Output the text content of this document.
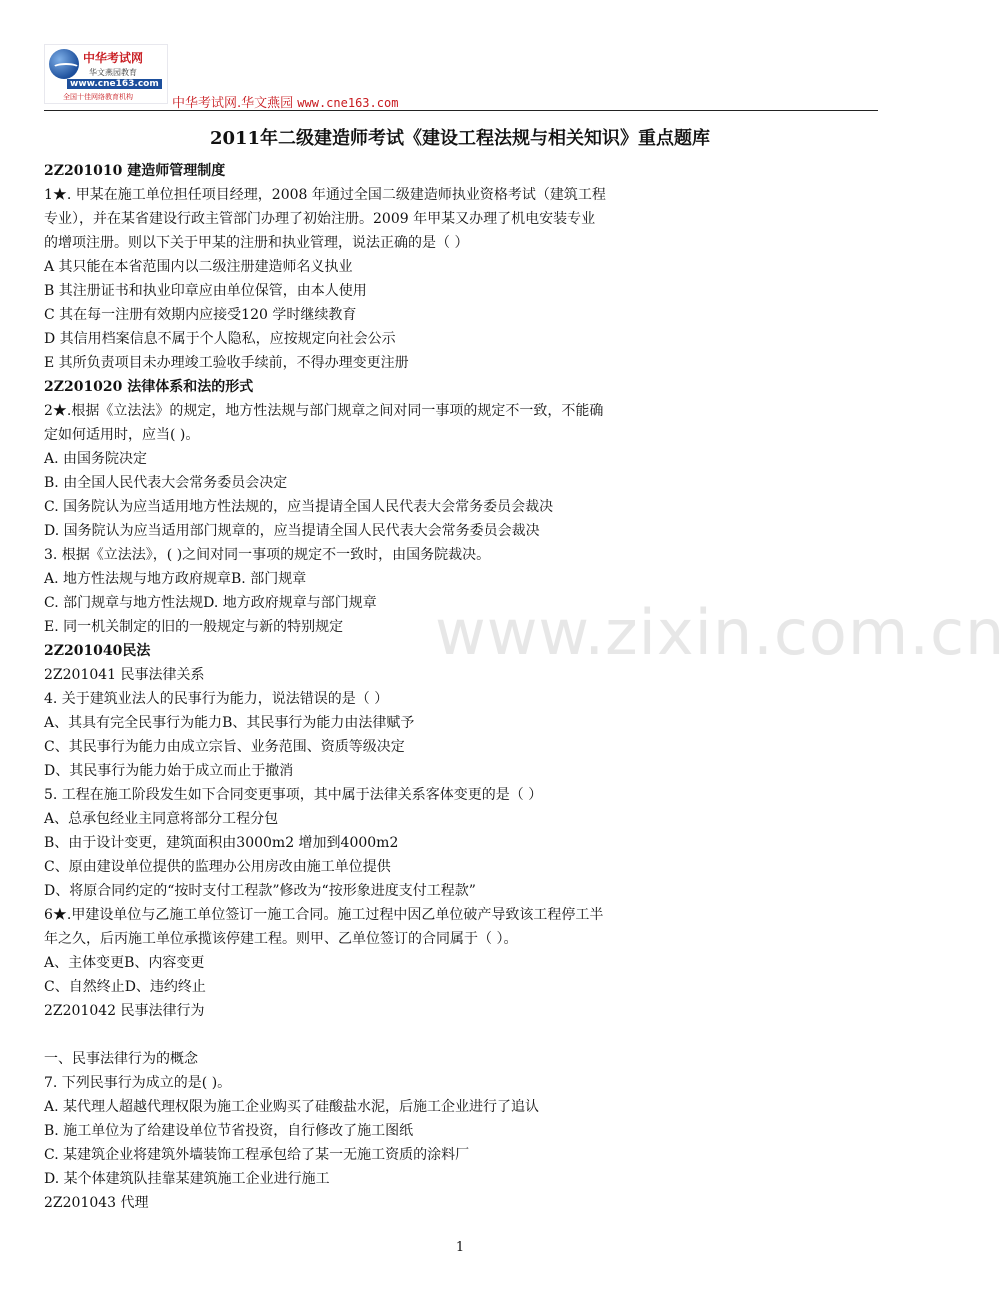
中华考试网
华文燕园教育
www.cne163.com
全国十佳网络教育机构	中华考试网.华文燕园 www.cne163.com
2011年二级建造师考试《建设工程法规与相关知识》重点题库
2Z201010 建造师管理制度
1★. 甲某在施工单位担任项目经理，2008 年通过全国二级建造师执业资格考试（建筑工程
专业），并在某省建设行政主管部门办理了初始注册。2009 年甲某又办理了机电安装专业
的增项注册。则以下关于甲某的注册和执业管理，说法正确的是（ ）
A 其只能在本省范围内以二级注册建造师名义执业
B 其注册证书和执业印章应由单位保管，由本人使用
C 其在每一注册有效期内应接受120 学时继续教育
D 其信用档案信息不属于个人隐私，应按规定向社会公示
E 其所负责项目未办理竣工验收手续前，不得办理变更注册
2Z201020 法律体系和法的形式
2★.根据《立法法》的规定，地方性法规与部门规章之间对同一事项的规定不一致，不能确
定如何适用时，应当( )。
A. 由国务院决定
B. 由全国人民代表大会常务委员会决定
C. 国务院认为应当适用地方性法规的，应当提请全国人民代表大会常务委员会裁决
D. 国务院认为应当适用部门规章的，应当提请全国人民代表大会常务委员会裁决
3. 根据《立法法》，( )之间对同一事项的规定不一致时，由国务院裁决。
A. 地方性法规与地方政府规章B. 部门规章
C. 部门规章与地方性法规D. 地方政府规章与部门规章
E. 同一机关制定的旧的一般规定与新的特别规定
2Z201040民法
2Z201041 民事法律关系
4. 关于建筑业法人的民事行为能力，说法错误的是（ ）
A、其具有完全民事行为能力B、其民事行为能力由法律赋予
C、其民事行为能力由成立宗旨、业务范围、资质等级决定
D、其民事行为能力始于成立而止于撤消
5. 工程在施工阶段发生如下合同变更事项，其中属于法律关系客体变更的是（ ）
A、总承包经业主同意将部分工程分包
B、由于设计变更，建筑面积由3000m2 增加到4000m2
C、原由建设单位提供的监理办公用房改由施工单位提供
D、将原合同约定的“按时支付工程款”修改为“按形象进度支付工程款”
6★.甲建设单位与乙施工单位签订一施工合同。施工过程中因乙单位破产导致该工程停工半
年之久，后丙施工单位承揽该停建工程。则甲、乙单位签订的合同属于（ ）。
A、主体变更B、内容变更
C、自然终止D、违约终止
2Z201042 民事法律行为
一、民事法律行为的概念
7. 下列民事行为成立的是( )。
A. 某代理人超越代理权限为施工企业购买了硅酸盐水泥，后施工企业进行了追认
B. 施工单位为了给建设单位节省投资，自行修改了施工图纸
C. 某建筑企业将建筑外墙装饰工程承包给了某一无施工资质的涂料厂
D. 某个体建筑队挂靠某建筑施工企业进行施工
2Z201043 代理
www.zixin.com.cn
1
